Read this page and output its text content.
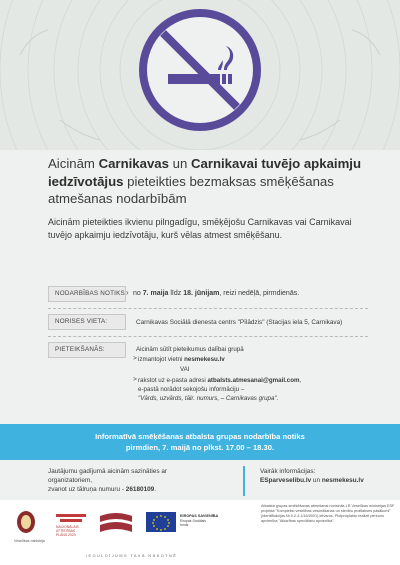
Aicinām Carnikavas un Carnikavai tuvējo apkaimju iedzīvotājus pieteikties bezmaksas smēķēšanas atmešanas nodarbībām
Aicinām pieteikties ikvienu pilngadīgu, smēķējošu Carnikavas vai Carnikavai tuvējo apkaimju iedzīvotāju, kurš vēlas atmest smēķēšanu.
NODARBĪBAS NOTIKS › no 7. maija līdz 18. jūnijam, reizi nedēļā, pirmdienās.
NORISES VIETA:	Carnikavas Sociālā dienesta centrs "Pīlādzis" (Stacijas iela 5, Carnikava)
PIETEIKŠANĀS:	Aicinām sūtīt pieteikumus dalībai grupā
> izmantojot vietni nesmekesu.lv
VAI
> rakstot uz e-pasta adresi atbalsts.atmesanai@gmail.com,
e-pastā norādot sekojošu informāciju –
"Vārds, uzvārds, tālr. numurs, – Carnikavas grupa".
Informatīvā smēķēšanas atbalsta grupas nodarbība notiks
pirmdien, 7. maijā no plkst. 17.00 – 18.30.
Jautājumu gadījumā aicinām sazināties ar organizatoriem,
zvanot uz tālruņa numuru - 26180109.
Vairāk informācijas:
ESparveselibu.lv un nesmekesu.lv
Veselības ministrija
NACIONĀLAIS
ATTĪSTĪBAS
PLĀNS 2020
EIROPAS SAVIENĪBA
Eiropas Sociālais
fonds
Atbalsta grupas smēķēšanas atmešanai norisinās LR Veselības ministrijas ESF projekta "Kompleksi veselības veicināšanas un slimību profilakses pasākumi" (identifikācijas Nr.9.2.4.1/16/I/001) ietvaros. Plotproplaktu realizē personu apvienība "Atkarības speciālistu apvienība".
IEGULDĪJUMS TAVĀ NĀKOTNĒ
